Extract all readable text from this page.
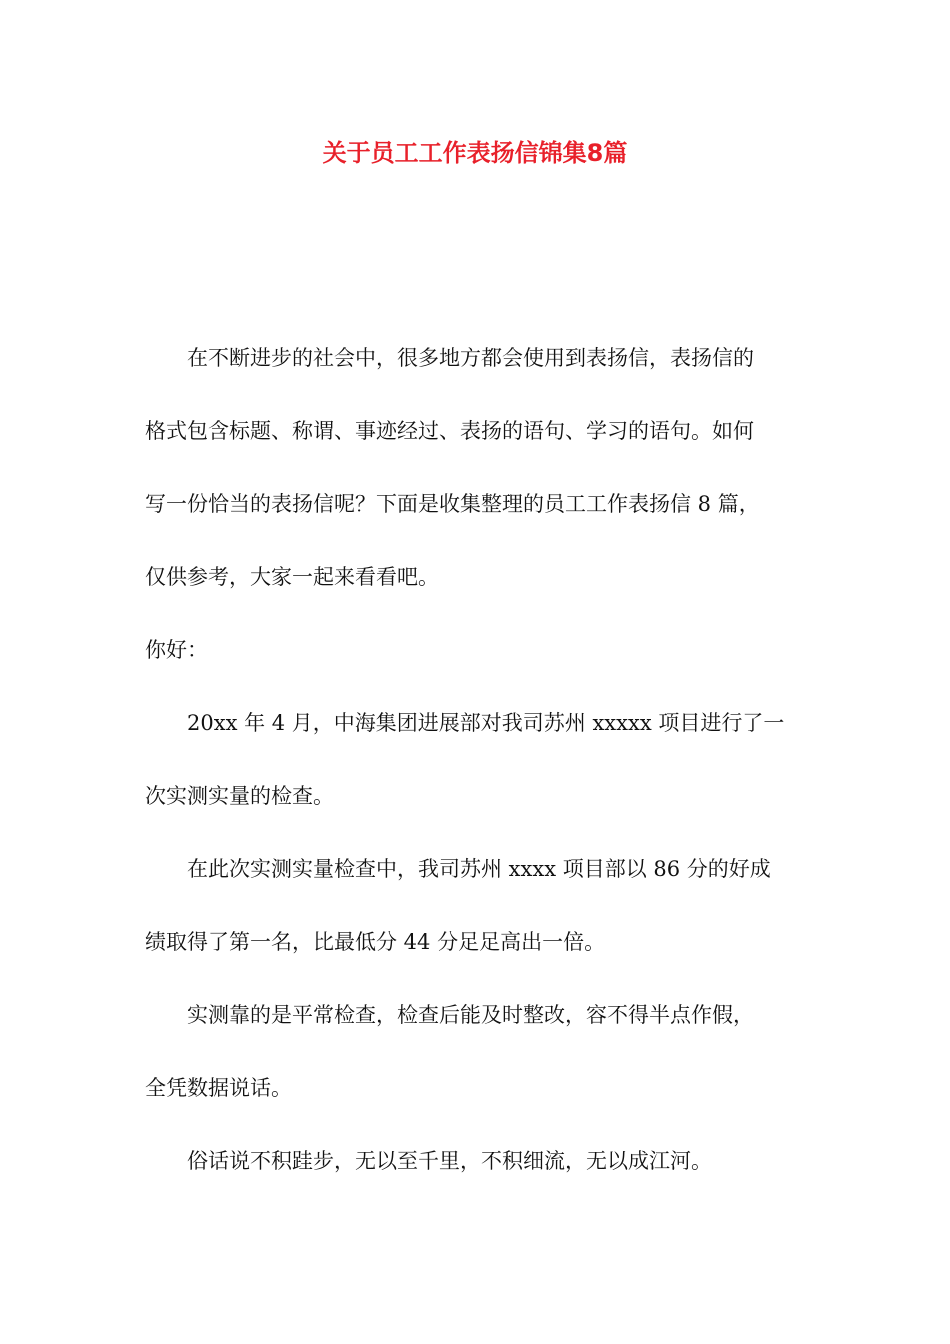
关于员工工作表扬信锦集8篇

在不断进步的社会中，很多地方都会使用到表扬信，表扬信的
格式包含标题、称谓、事迹经过、表扬的语句、学习的语句。如何
写一份恰当的表扬信呢？下面是收集整理的员工工作表扬信 8 篇，
仅供参考，大家一起来看看吧。

你好：

20xx 年 4 月，中海集团进展部对我司苏州 xxxxx 项目进行了一
次实测实量的检查。

在此次实测实量检查中，我司苏州 xxxx 项目部以 86 分的好成
绩取得了第一名，比最低分 44 分足足高出一倍。

实测靠的是平常检查，检查后能及时整改，容不得半点作假，
全凭数据说话。

俗话说不积跬步，无以至千里，不积细流，无以成江河。
